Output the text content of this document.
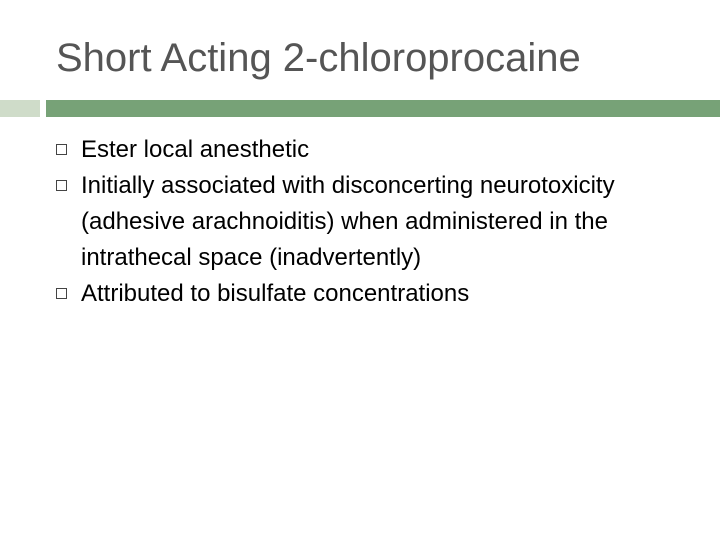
Short Acting 2-chloroprocaine
Ester local anesthetic
Initially associated with disconcerting neurotoxicity (adhesive arachnoiditis) when administered in the intrathecal space (inadvertently)
Attributed to bisulfate concentrations
